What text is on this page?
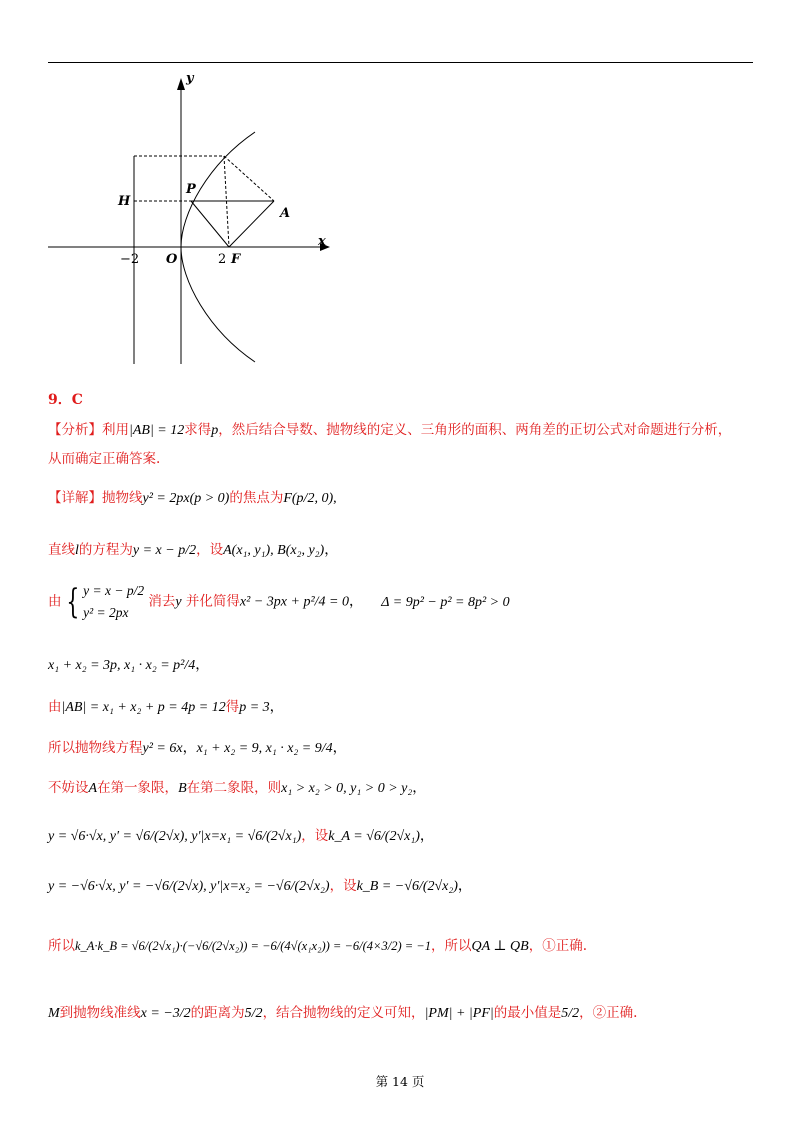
y
x
O
H
P
A
F
−2	2
9．C
【分析】利用|AB| = 12求得p，然后结合导数、抛物线的定义、三角形的面积、两角差的正切公式对命题进行分析，
从而确定正确答案.
【详解】抛物线y² = 2px(p > 0)的焦点为F(p/2, 0),
直线l的方程为y = x − p/2，设A(x₁, y₁), B(x₂, y₂)，
由 { y = x − p/2
y² = 2px
消去y 并化简得x² − 3px + p²/4 = 0， Δ = 9p² − p² = 8p² > 0
x₁ + x₂ = 3p, x₁ · x₂ = p²/4，
由|AB| = x₁ + x₂ + p = 4p = 12得p = 3，
所以抛物线方程y² = 6x，x₁ + x₂ = 9, x₁ · x₂ = 9/4，
不妨设A在第一象限，B在第二象限，则x₁ > x₂ > 0, y₁ > 0 > y₂，
y = √6·√x, y′ = √6/(2√x), y′|x=x₁ = √6/(2√x₁)，设k_A = √6/(2√x₁)，
y = −√6·√x, y′ = −√6/(2√x), y′|x=x₂ = −√6/(2√x₂)，设k_B = −√6/(2√x₂)，
所以k_A·k_B = √6/(2√x₁)·(−√6/(2√x₂)) = −6/(4√(x₁x₂)) = −6/(4×3/2) = −1，所以QA ⊥ QB，①正确.
M到抛物线准线x = −3/2的距离为5/2，结合抛物线的定义可知，|PM| + |PF|的最小值是5/2，②正确.
第 14 页
